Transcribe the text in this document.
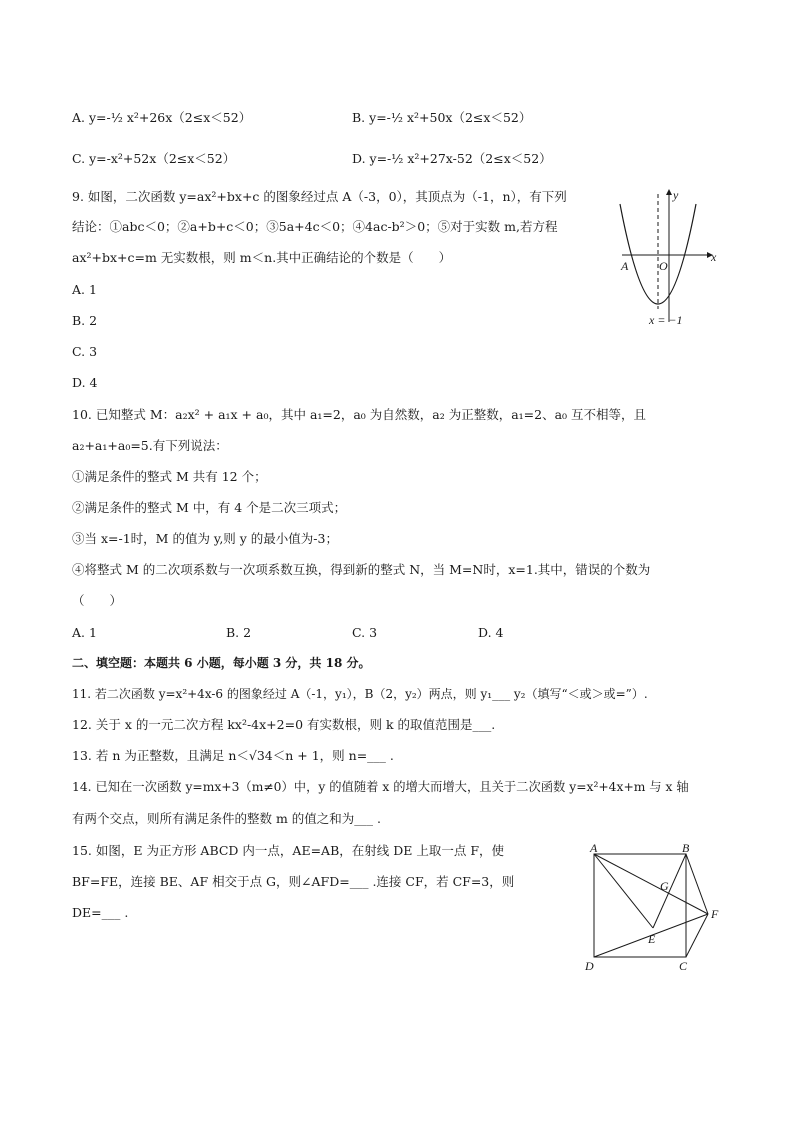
A. y=-½ x²+26x（2≤x＜52）	B. y=-½ x²+50x（2≤x＜52）
C. y=-x²+52x（2≤x＜52）	D. y=-½ x²+27x-52（2≤x＜52）
9. 如图，二次函数 y=ax²+bx+c 的图象经过点 A（-3，0），其顶点为（-1，n），有下列
结论：①abc＜0；②a+b+c＜0；③5a+4c＜0；④4ac-b²＞0；⑤对于实数 m,若方程
ax²+bx+c=m 无实数根，则 m＜n.其中正确结论的个数是（　　）
A. 1
B. 2
C. 3
D. 4
y
x
A	O
x = −1
10. 已知整式 M：a₂x² + a₁x + a₀，其中 a₁=2，a₀ 为自然数，a₂ 为正整数，a₁=2、a₀ 互不相等，且
a₂+a₁+a₀=5.有下列说法：
①满足条件的整式 M 共有 12 个；
②满足条件的整式 M 中，有 4 个是二次三项式；
③当 x=-1时，M 的值为 y,则 y 的最小值为-3；
④将整式 M 的二次项系数与一次项系数互换，得到新的整式 N，当 M=N时，x=1.其中，错误的个数为
（　　）
A. 1	B. 2	C. 3	D. 4
二、填空题：本题共 6 小题，每小题 3 分，共 18 分。
11. 若二次函数 y=x²+4x-6 的图象经过 A（-1，y₁），B（2，y₂）两点，则 y₁___ y₂（填写“＜或＞或=”）.
12. 关于 x 的一元二次方程 kx²-4x+2=0 有实数根，则 k 的取值范围是___.
13. 若 n 为正整数，且满足 n＜√34＜n + 1，则 n=___ .
14. 已知在一次函数 y=mx+3（m≠0）中，y 的值随着 x 的增大而增大，且关于二次函数 y=x²+4x+m 与 x 轴
有两个交点，则所有满足条件的整数 m 的值之和为___ .
15. 如图，E 为正方形 ABCD 内一点，AE=AB，在射线 DE 上取一点 F，使
BF=FE，连接 BE、AF 相交于点 G，则∠AFD=___ .连接 CF，若 CF=3，则
DE=___ .
A	B
C
D
E
F
G
